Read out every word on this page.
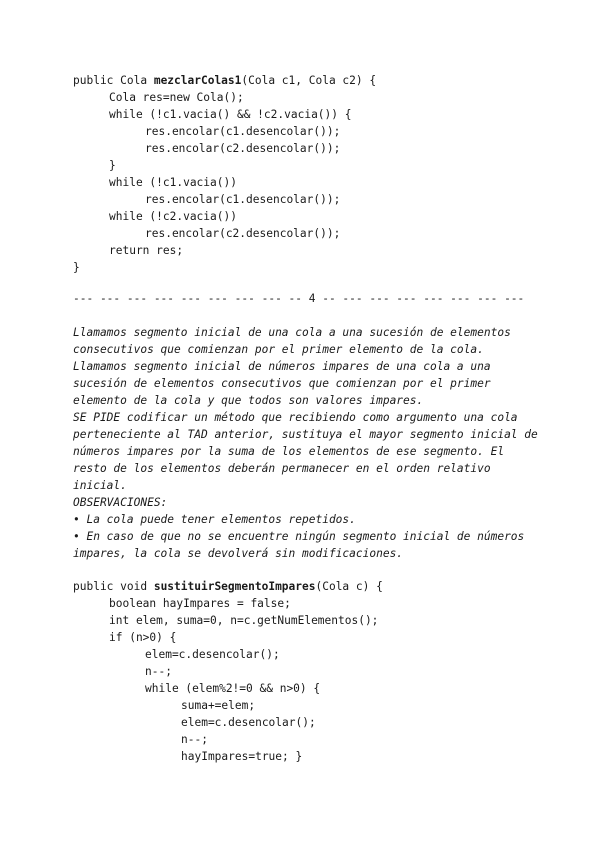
public Cola mezclarColas1(Cola c1, Cola c2) {
Cola res=new Cola();
while (!c1.vacia() && !c2.vacia()) {
res.encolar(c1.desencolar());
res.encolar(c2.desencolar());
}
while (!c1.vacia())
res.encolar(c1.desencolar());
while (!c2.vacia())
res.encolar(c2.desencolar());
return res;
}
--- --- --- --- --- --- --- --- -- 4 -- --- --- --- --- --- --- ---
Llamamos segmento inicial de una cola a una sucesión de elementos
consecutivos que comienzan por el primer elemento de la cola.
Llamamos segmento inicial de números impares de una cola a una
sucesión de elementos consecutivos que comienzan por el primer
elemento de la cola y que todos son valores impares.
SE PIDE codificar un método que recibiendo como argumento una cola
perteneciente al TAD anterior, sustituya el mayor segmento inicial de
números impares por la suma de los elementos de ese segmento. El
resto de los elementos deberán permanecer en el orden relativo
inicial.
OBSERVACIONES:
• La cola puede tener elementos repetidos.
• En caso de que no se encuentre ningún segmento inicial de números
impares, la cola se devolverá sin modificaciones.
public void sustituirSegmentoImpares(Cola c) {
boolean hayImpares = false;
int elem, suma=0, n=c.getNumElementos();
if (n>0) {
elem=c.desencolar();
n--;
while (elem%2!=0 && n>0) {
suma+=elem;
elem=c.desencolar();
n--;
hayImpares=true; }
